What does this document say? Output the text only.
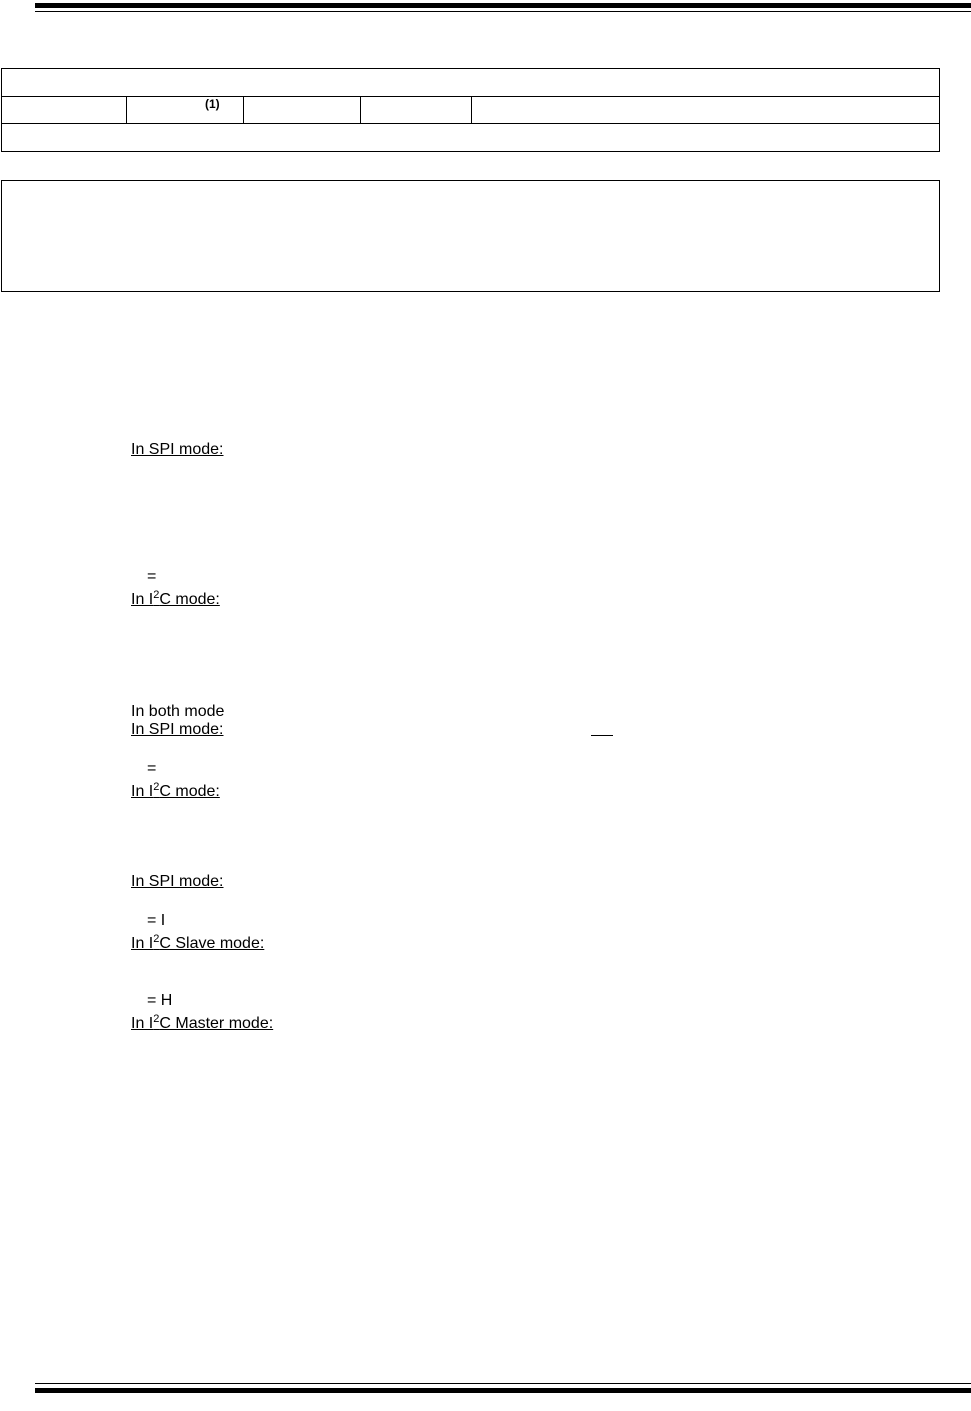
(1)
In SPI mode:
=
In $I^2C$ mode:
In both mode
In SPI mode:
=
In $I^2C$ mode:
In SPI mode:
= I
In $I^2C$ Slave mode:
= H
In $I^2C$ Master mode:
